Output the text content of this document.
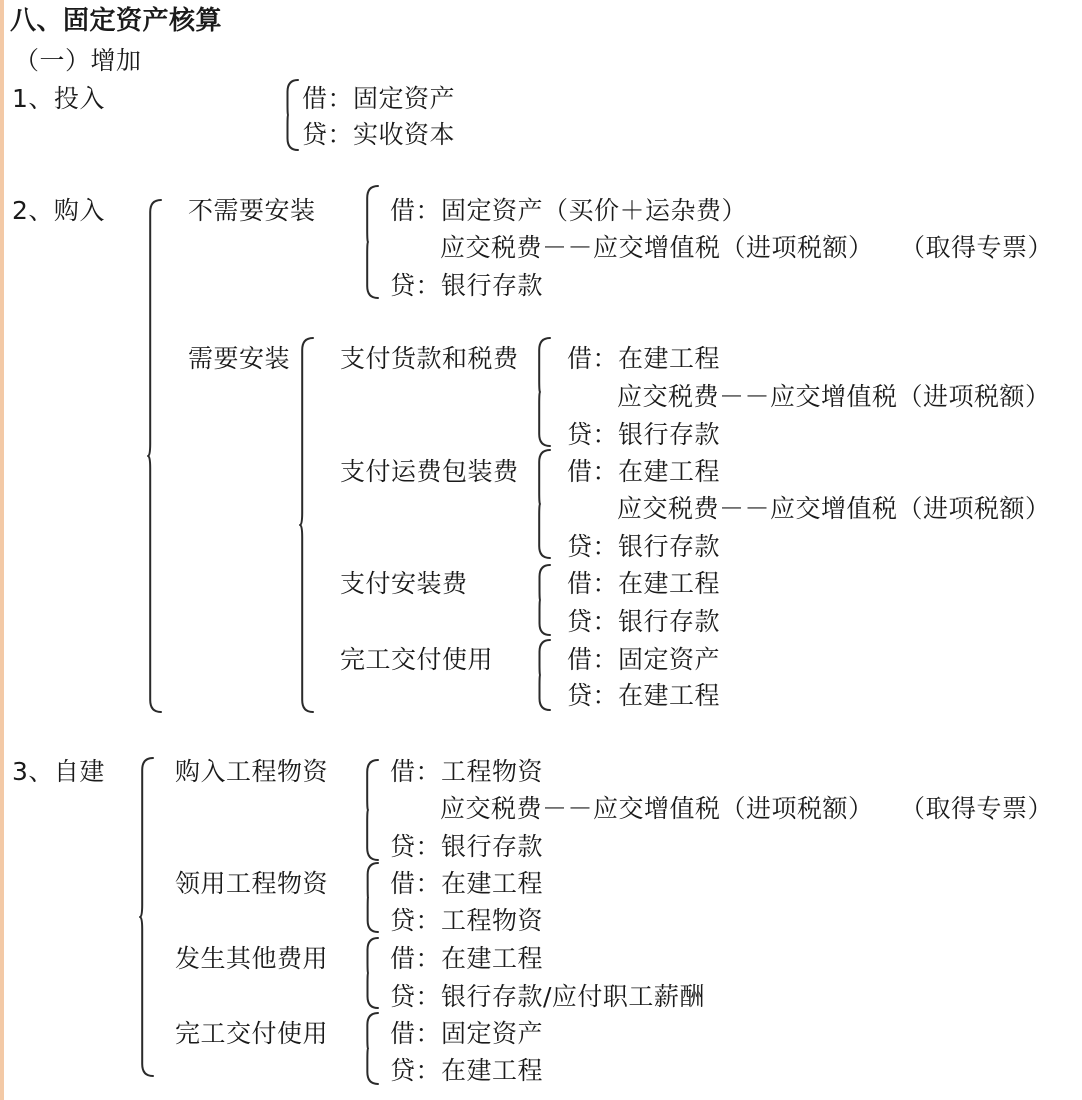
八、固定资产核算
（一）增加
1、投入	借：固定资产
贷：实收资本
2、购入	不需要安装	借：固定资产（买价＋运杂费）
应交税费－－应交增值税（进项税额） （取得专票）
贷：银行存款
需要安装 支付货款和税费 借：在建工程
应交税费－－应交增值税（进项税额）
贷：银行存款
支付运费包装费 借：在建工程
应交税费－－应交增值税（进项税额）
贷：银行存款
支付安装费	借：在建工程
贷：银行存款
完工交付使用	借：固定资产
贷：在建工程
3、自建	购入工程物资 借：工程物资
应交税费－－应交增值税（进项税额） （取得专票）
贷：银行存款
领用工程物资 借：在建工程
贷：工程物资
发生其他费用 借：在建工程
贷：银行存款/应付职工薪酬
完工交付使用 借：固定资产
贷：在建工程
